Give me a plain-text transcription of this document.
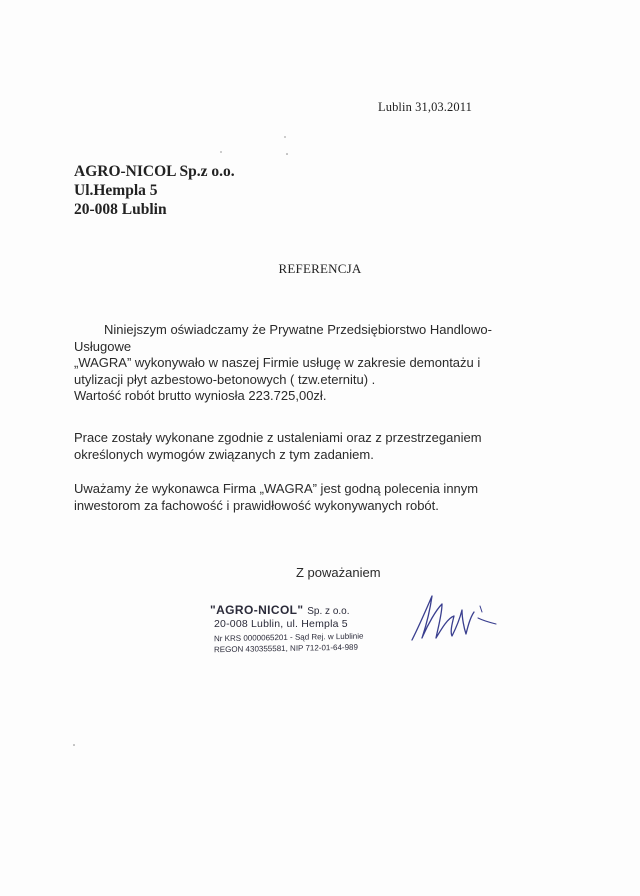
Lublin 31,03.2011
AGRO-NICOL Sp.z o.o.
Ul.Hempla 5
20-008 Lublin
REFERENCJA
Niniejszym oświadczamy że Prywatne Przedsiębiorstwo Handlowo-
Usługowe
„WAGRA” wykonywało w naszej Firmie usługę w zakresie demontażu i
utylizacji płyt azbestowo-betonowych ( tzw.eternitu) .
Wartość robót brutto wyniosła 223.725,00zł.
Prace zostały wykonane zgodnie z ustaleniami oraz z przestrzeganiem
określonych wymogów związanych z tym zadaniem.
Uważamy że wykonawca Firma „WAGRA” jest godną polecenia innym
inwestorom za fachowość i prawidłowość wykonywanych robót.
Z poważaniem
"AGRO-NICOL" Sp. z o.o.
20-008 Lublin, ul. Hempla 5
Nr KRS 0000065201 - Sąd Rej. w Lublinie
REGON 430355581, NIP 712-01-64-989
